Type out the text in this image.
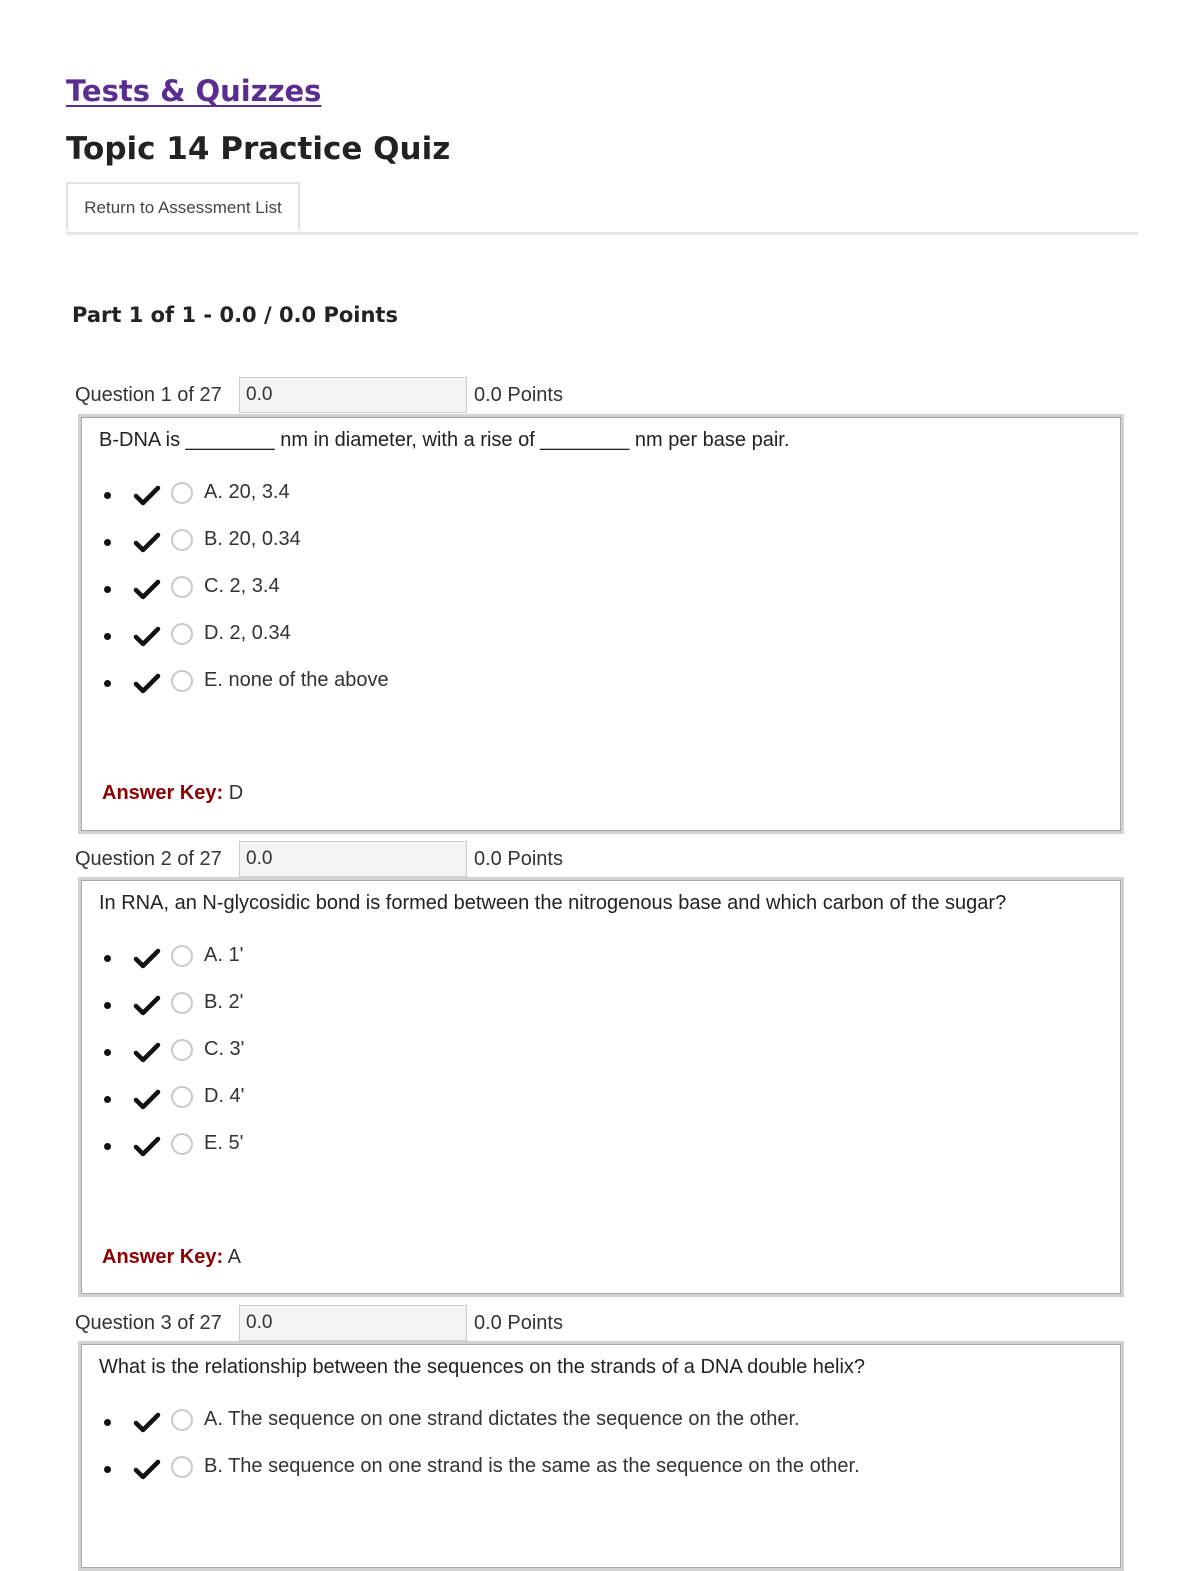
Tests & Quizzes
Topic 14 Practice Quiz
Return to Assessment List
Part 1 of 1 - 0.0 / 0.0 Points
Question 1 of 27
0.0	0.0 Points
B-DNA is ________ nm in diameter, with a rise of ________ nm per base pair.
A. 20, 3.4
B. 20, 0.34
C. 2, 3.4
D. 2, 0.34
E. none of the above
Answer Key: D
Question 2 of 27
0.0	0.0 Points
In RNA, an N-glycosidic bond is formed between the nitrogenous base and which carbon of the sugar?
A. 1'
B. 2'
C. 3'
D. 4'
E. 5'
Answer Key: A
Question 3 of 27
0.0	0.0 Points
What is the relationship between the sequences on the strands of a DNA double helix?
A. The sequence on one strand dictates the sequence on the other.
B. The sequence on one strand is the same as the sequence on the other.
